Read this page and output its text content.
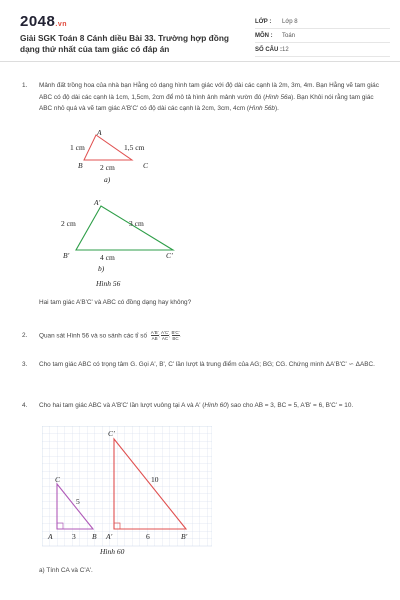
2048.vn
Giải SGK Toán 8 Cánh diều Bài 33. Trường hợp đồng dạng thứ nhất của tam giác có đáp án
LỚP :	Lớp 8
MÔN :	Toán
SỐ CÂU : 12
1. Mảnh đất trồng hoa của nhà bạn Hằng có dạng hình tam giác với độ dài các cạnh là 2m, 3m, 4m. Bạn Hằng vẽ tam giác ABC có độ dài các cạnh là 1cm, 1,5cm, 2cm để mô tả hình ảnh mảnh vườn đó (Hình 56a). Bạn Khôi nói rằng tam giác ABC nhỏ quá và vẽ tam giác A'B'C' có độ dài các cạnh là 2cm, 3cm, 4cm (Hình 56b).
A
B	C
1 cm	1,5 cm
2 cm
a)
A'
B'	C'
2 cm	3 cm
4 cm
b)
Hình 56
Hai tam giác A'B'C' và ABC có đồng dạng hay không?
2. Quan sát Hình 56 và so sánh các tỉ số $\frac{A'B'}{AB}$ ; $\frac{A'C'}{AC}$ ; $\frac{B'C'}{BC}$ .
3. Cho tam giác ABC có trọng tâm G. Gọi A', B', C' lần lượt là trung điểm của AG; BG; CG. Chứng minh ΔA'B'C' ∽ ΔABC.
4. Cho hai tam giác ABC và A'B'C' lần lượt vuông tại A và A' (Hình 60) sao cho AB = 3, BC = 5, A'B' = 6, B'C' = 10.
C
A	B
3
5
C'
A'	B'
6
10
Hình 60
a) Tính CA và C'A'.
